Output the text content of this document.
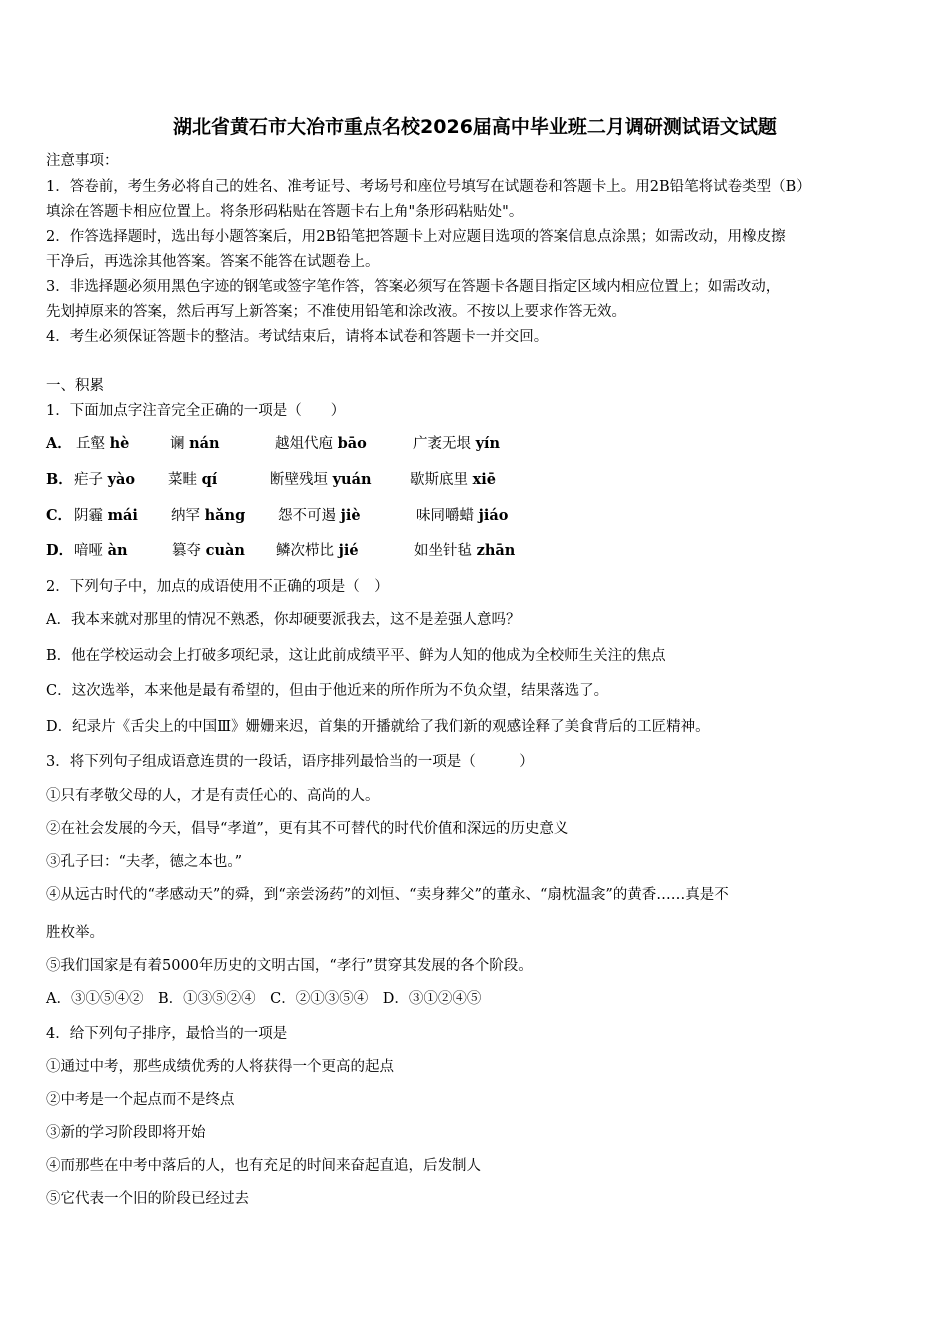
湖北省黄石市大冶市重点名校2026届高中毕业班二月调研测试语文试题
注意事项：
1．答卷前，考生务必将自己的姓名、准考证号、考场号和座位号填写在试题卷和答题卡上。用2B铅笔将试卷类型（B）
填涂在答题卡相应位置上。将条形码粘贴在答题卡右上角"条形码粘贴处"。
2．作答选择题时，选出每小题答案后，用2B铅笔把答题卡上对应题目选项的答案信息点涂黑；如需改动，用橡皮擦
干净后，再选涂其他答案。答案不能答在试题卷上。
3．非选择题必须用黑色字迹的钢笔或签字笔作答，答案必须写在答题卡各题目指定区域内相应位置上；如需改动，
先划掉原来的答案，然后再写上新答案；不准使用铅笔和涂改液。不按以上要求作答无效。
4．考生必须保证答题卡的整洁。考试结束后，请将本试卷和答题卡一并交回。
一、积累
1．下面加点字注音完全正确的一项是（　　）
A． 丘壑 hè	谰 nán	越俎代庖 bāo	广袤无垠 yín
B． 疟子 yào 菜畦 qí	断壁残垣 yuán	歇斯底里 xiē
C． 阴霾 mái 纳罕 hǎng 怨不可遏 jiè	味同嚼蜡 jiáo
D． 喑哑 àn	篡夺 cuàn 鳞次栉比 jié	如坐针毡 zhān
2．下列句子中，加点的成语使用不正确的项是（　）
A．我本来就对那里的情况不熟悉，你却硬要派我去，这不是差强人意吗？
B．他在学校运动会上打破多项纪录，这让此前成绩平平、鲜为人知的他成为全校师生关注的焦点
C．这次选举，本来他是最有希望的，但由于他近来的所作所为不负众望，结果落选了。
D．纪录片《舌尖上的中国Ⅲ》姗姗来迟，首集的开播就给了我们新的观感诠释了美食背后的工匠精神。
3．将下列句子组成语意连贯的一段话，语序排列最恰当的一项是（　　　）
①只有孝敬父母的人，才是有责任心的、高尚的人。
②在社会发展的今天，倡导“孝道”，更有其不可替代的时代价值和深远的历史意义
③孔子曰：“夫孝，德之本也。”
④从远古时代的“孝感动天”的舜，到“亲尝汤药”的刘恒、“卖身葬父”的董永、“扇枕温衾”的黄香……真是不
胜枚举。
⑤我们国家是有着5000年历史的文明古国，“孝行”贯穿其发展的各个阶段。
A．③①⑤④②　B．①③⑤②④　C．②①③⑤④　D．③①②④⑤
4．给下列句子排序，最恰当的一项是
①通过中考，那些成绩优秀的人将获得一个更高的起点
②中考是一个起点而不是终点
③新的学习阶段即将开始
④而那些在中考中落后的人，也有充足的时间来奋起直追，后发制人
⑤它代表一个旧的阶段已经过去
